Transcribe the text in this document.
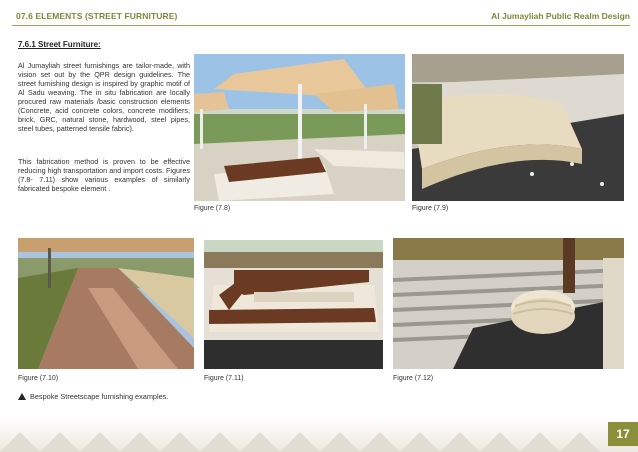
07.6 ELEMENTS (STREET FURNITURE)	Al Jumayliah Public Realm Design
7.6.1 Street Furniture:
Al Jumayliah street furnishings are tailor-made, with vision set out by the QPR design guidelines. The street furnishing design is inspired by graphic motif of Al Sadu weaving. The in situ fabrication are locally procured raw materials /basic construction elements (Concrete, acid concrete colors, concrete modifiers, brick, GRC, natural stone, hardwood, steel pipes, steel tubes, patterned tensile fabric).
This fabrication method is proven to be effective reducing high transportation and import costs. Figures (7.8- 7.11) show various examples of similarly fabricated bespoke element .
Figure (7.8)	Figure (7.9)
Figure (7.10)	Figure (7.11)	Figure (7.12)
Bespoke Streetscape furnishing examples.
17
